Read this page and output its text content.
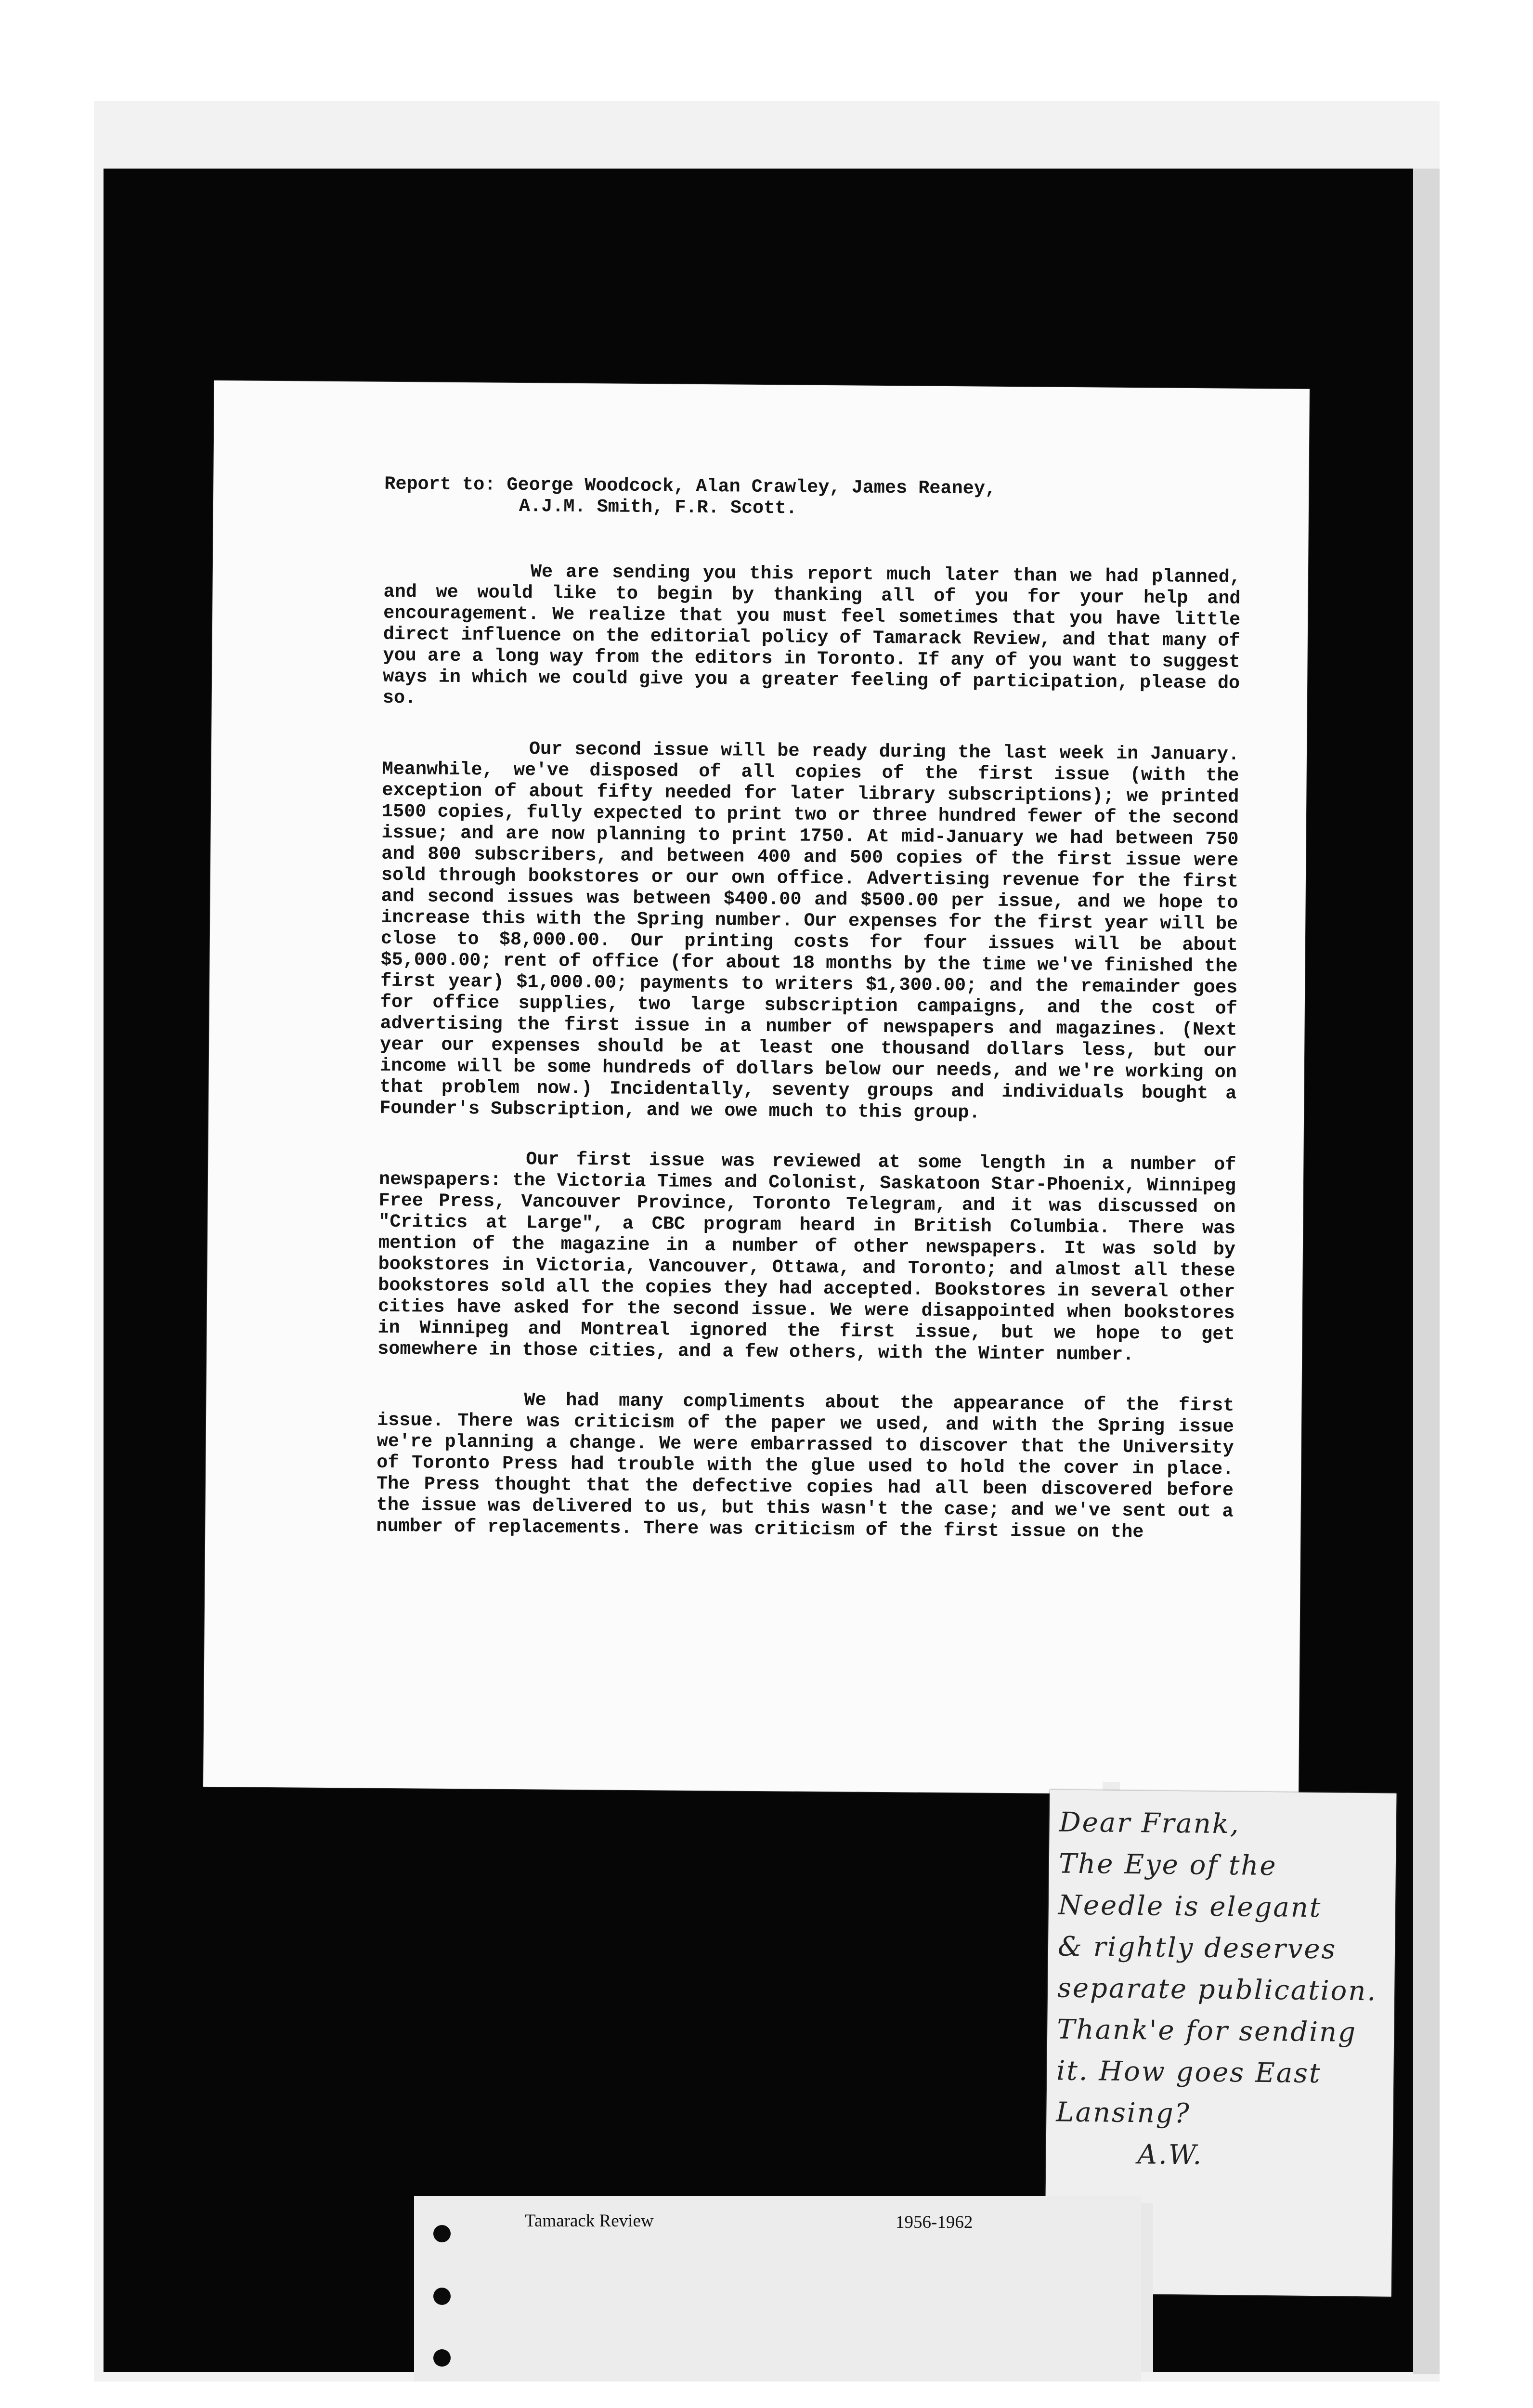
Report to: George Woodcock, Alan Crawley, James Reaney,
A.J.M. Smith, F.R. Scott.

We are sending you this report much later than we had planned, and we would like to begin by thanking all of you for your help and encouragement. We realize that you must feel sometimes that you have little direct influence on the editorial policy of Tamarack Review, and that many of you are a long way from the editors in Toronto. If any of you want to suggest ways in which we could give you a greater feeling of participation, please do so.

Our second issue will be ready during the last week in January. Meanwhile, we've disposed of all copies of the first issue (with the exception of about fifty needed for later library subscriptions); we printed 1500 copies, fully expected to print two or three hundred fewer of the second issue; and are now planning to print 1750. At mid-January we had between 750 and 800 subscribers, and between 400 and 500 copies of the first issue were sold through bookstores or our own office. Advertising revenue for the first and second issues was between $400.00 and $500.00 per issue, and we hope to increase this with the Spring number. Our expenses for the first year will be close to $8,000.00. Our printing costs for four issues will be about $5,000.00; rent of office (for about 18 months by the time we've finished the first year) $1,000.00; payments to writers $1,300.00; and the remainder goes for office supplies, two large subscription campaigns, and the cost of advertising the first issue in a number of newspapers and magazines. (Next year our expenses should be at least one thousand dollars less, but our income will be some hundreds of dollars below our needs, and we're working on that problem now.) Incidentally, seventy groups and individuals bought a Founder's Subscription, and we owe much to this group.

Our first issue was reviewed at some length in a number of newspapers: the Victoria Times and Colonist, Saskatoon Star-Phoenix, Winnipeg Free Press, Vancouver Province, Toronto Telegram, and it was discussed on "Critics at Large", a CBC program heard in British Columbia. There was mention of the magazine in a number of other newspapers. It was sold by bookstores in Victoria, Vancouver, Ottawa, and Toronto; and almost all these bookstores sold all the copies they had accepted. Bookstores in several other cities have asked for the second issue. We were disappointed when bookstores in Winnipeg and Montreal ignored the first issue, but we hope to get somewhere in those cities, and a few others, with the Winter number.

We had many compliments about the appearance of the first issue. There was criticism of the paper we used, and with the Spring issue we're planning a change. We were embarrassed to discover that the University of Toronto Press had trouble with the glue used to hold the cover in place. The Press thought that the defective copies had all been discovered before the issue was delivered to us, but this wasn't the case; and we've sent out a number of replacements. There was criticism of the first issue on the

Dear Frank,
The Eye of the
Needle is elegant
& rightly deserves
separate publication.
Thank'e for sending
it. How goes East
Lansing?
A.W.
Tamarack Review	1956-1962
